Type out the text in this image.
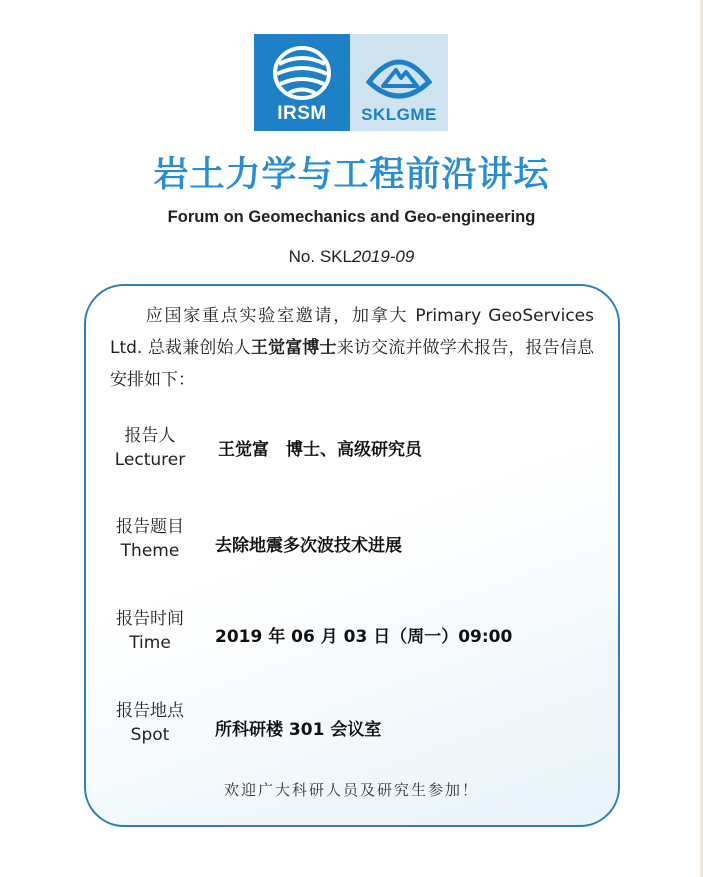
IRSM	SKLGME
岩土力学与工程前沿讲坛
Forum on Geomechanics and Geo-engineering
No. SKL2019-09
应国家重点实验室邀请，加拿大 Primary GeoServices Ltd. 总裁兼创始人王觉富博士来访交流并做学术报告，报告信息安排如下：
报告人
Lecturer	王觉富　博士、高级研究员
报告题目
Theme	去除地震多次波技术进展
报告时间
Time	2019 年 06 月 03 日（周一）09:00
报告地点
Spot	所科研楼 301 会议室
欢迎广大科研人员及研究生参加！
